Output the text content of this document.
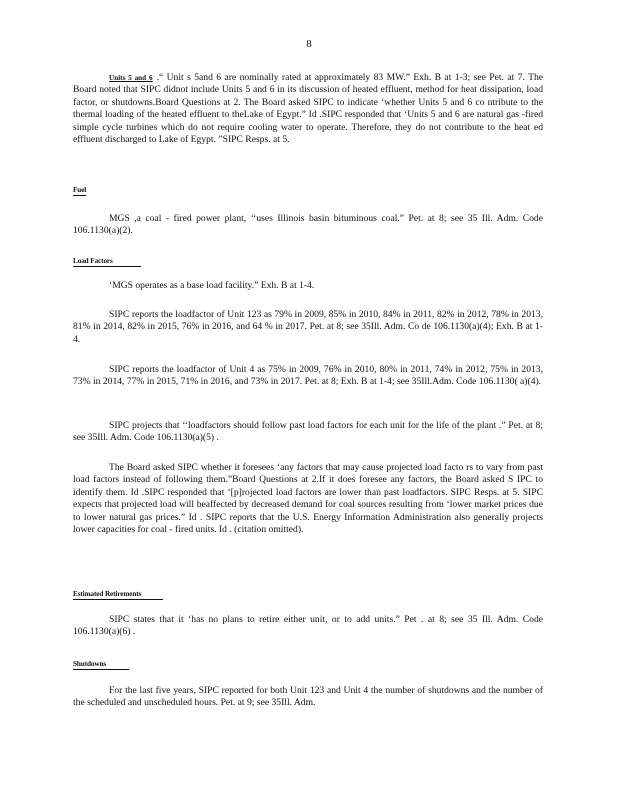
8
Units 5 and 6 .“ Unit s 5and 6 are nominally rated at approximately 83 MW.” Exh. B at 1-3; see Pet. at 7. The Board noted that SIPC didnot include Units 5 and 6 in its discussion of heated effluent, method for heat dissipation, load factor, or shutdowns.Board Questions at 2. The Board asked SIPC to indicate ‘whether Units 5 and 6 co ntribute to the thermal loading of the heated effluent to theLake of Egypt.” Id .SIPC responded that ‘Units 5 and 6 are natural gas -fired simple cycle turbines which do not require cooling water to operate. Therefore, they do not contribute to the heat ed effluent discharged to Lake of Egypt. ”SIPC Resps. at 5.
Fuel
MGS ,a coal - fired power plant, ‘‘uses Illinois basin bituminous coal.” Pet. at 8; see 35 Ill. Adm. Code 106.1130(a)(2).
Load Factors
‘MGS operates as a base load facility.” Exh. B at 1-4.
SIPC reports the loadfactor of Unit 123 as 79% in 2009, 85% in 2010, 84% in 2011, 82% in 2012, 78% in 2013, 81% in 2014, 82% in 2015, 76% in 2016, and 64 % in 2017. Pet. at 8; see 35Ill. Adm. Co de 106.1130(a)(4); Exh. B at 1- 4.
SIPC reports the loadfactor of Unit 4 as 75% in 2009, 76% in 2010, 80% in 2011, 74% in 2012, 75% in 2013, 73% in 2014, 77% in 2015, 71% in 2016, and 73% in 2017. Pet. at 8; Exh. B at 1-4; see 35Ill.Adm. Code 106.1130( a)(4).
SIPC projects that ‘‘loadfactors should follow past load factors for each unit for the life of the plant .” Pet. at 8; see 35Ill. Adm. Code 106.1130(a)(5) .
The Board asked SIPC whether it foresees ‘any factors that may cause projected load facto rs to vary from past load factors instead of following them.”Board Questions at 2.If it does foresee any factors, the Board asked S IPC to identify them. Id .SIPC responded that ‘[p]rojected load factors are lower than past loadfactors. SIPC Resps. at 5. SIPC expects that projected load will beaffected by decreased demand for coal sources resulting from ‘lower market prices due to lower natural gas prices.” Id . SIPC reports that the U.S. Energy Information Administration also generally projects lower capacities for coal - fired units. Id . (citation omitted).
Estimated Retirements
SIPC states that it ‘has no plans to retire either unit, or to add units.” Pet . at 8; see 35 Ill. Adm. Code 106.1130(a)(6) .
Shutdowns
For the last five years, SIPC reported for both Unit 123 and Unit 4 the number of shutdowns and the number of the scheduled and unscheduled hours. Pet. at 9; see 35Ill. Adm.
